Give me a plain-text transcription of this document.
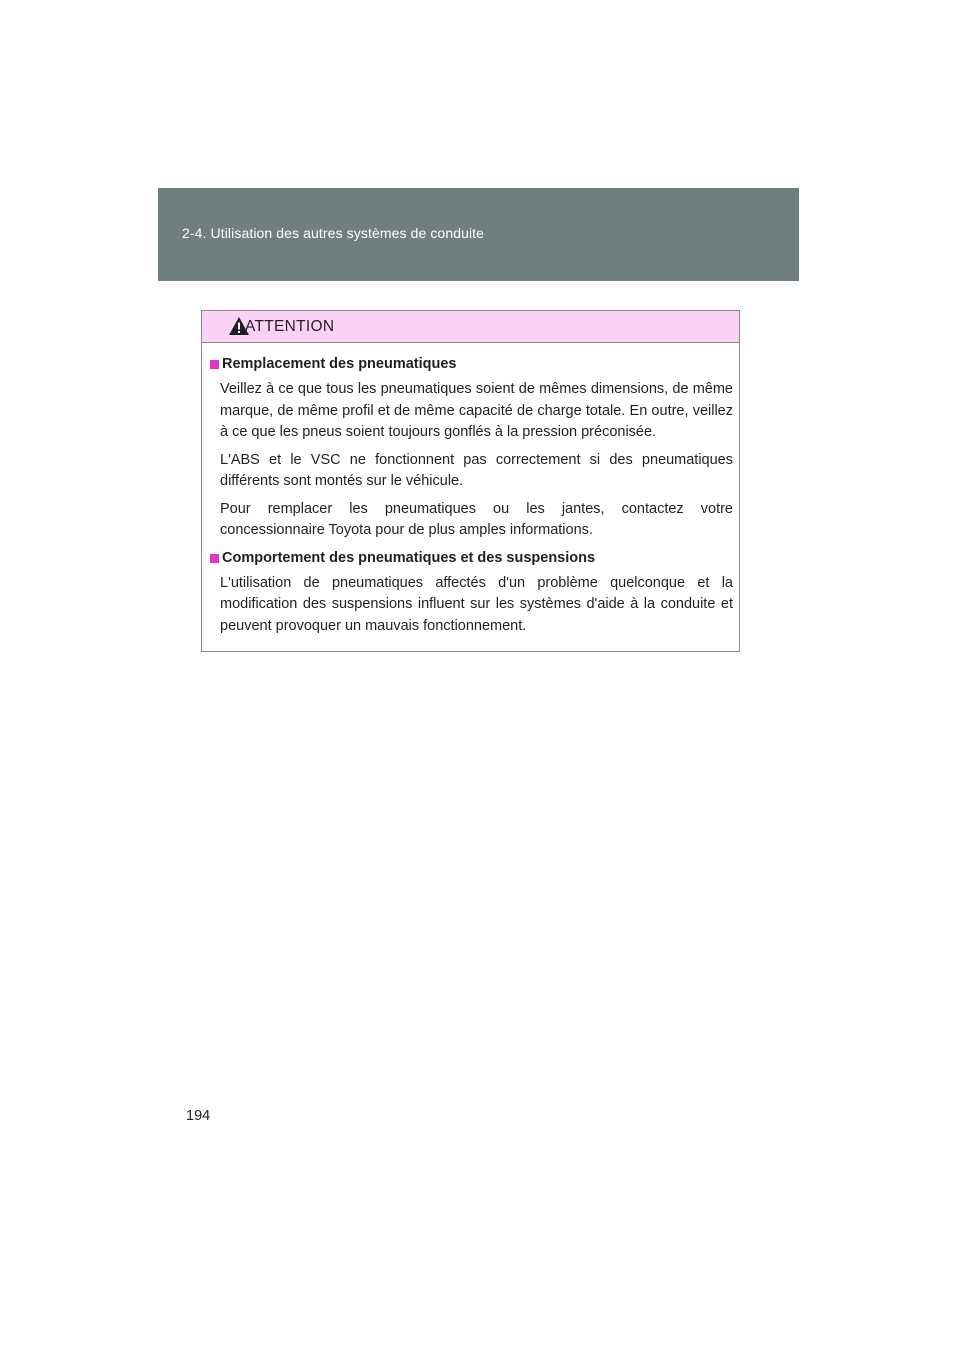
2-4. Utilisation des autres systèmes de conduite
ATTENTION
Remplacement des pneumatiques

Veillez à ce que tous les pneumatiques soient de mêmes dimensions, de même marque, de même profil et de même capacité de charge totale. En outre, veillez à ce que les pneus soient toujours gonflés à la pression préconisée.

L'ABS et le VSC ne fonctionnent pas correctement si des pneumatiques différents sont montés sur le véhicule.

Pour remplacer les pneumatiques ou les jantes, contactez votre concessionnaire Toyota pour de plus amples informations.

Comportement des pneumatiques et des suspensions

L'utilisation de pneumatiques affectés d'un problème quelconque et la modification des suspensions influent sur les systèmes d'aide à la conduite et peuvent provoquer un mauvais fonctionnement.

194
